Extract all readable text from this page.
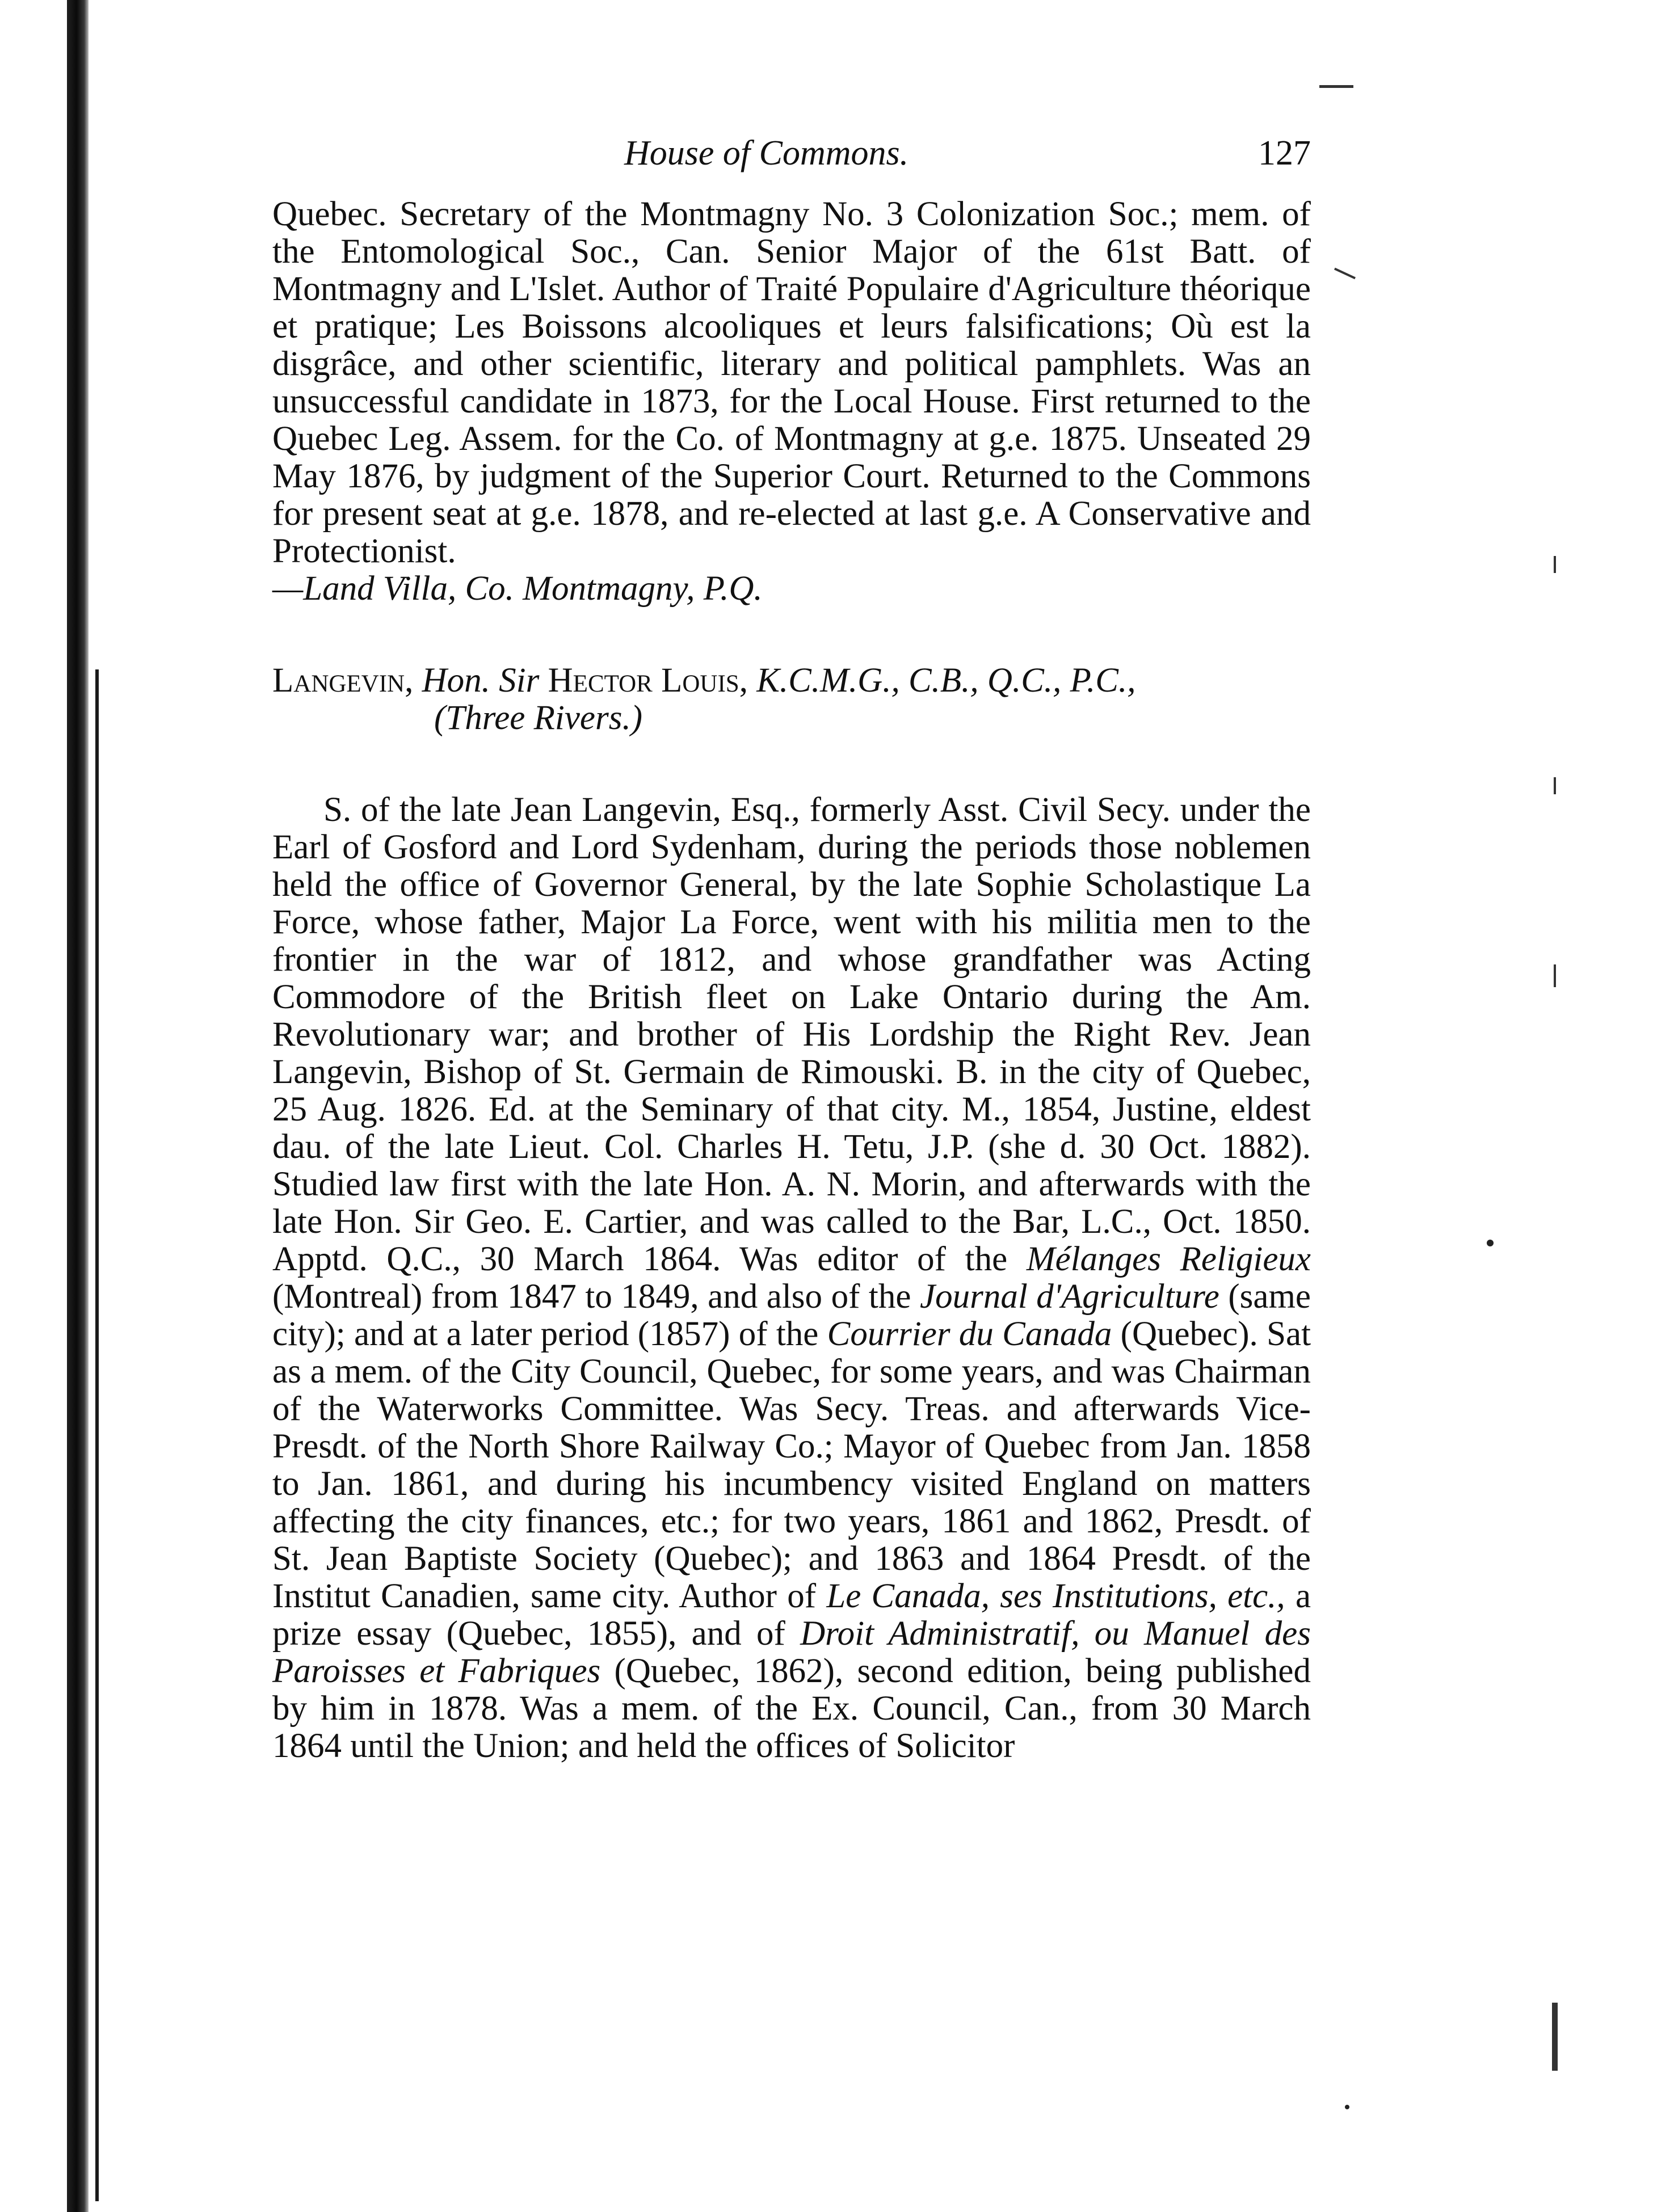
House of Commons.	127

Quebec. Secretary of the Montmagny No. 3 Colonization Soc.; mem. of the Entomological Soc., Can. Senior Major of the 61st Batt. of Montmagny and L'Islet. Author of Traité Populaire d'Agriculture théorique et pratique; Les Boissons alcooliques et leurs falsifications; Où est la disgrâce, and other scientific, literary and political pamphlets. Was an unsuccessful candidate in 1873, for the Local House. First returned to the Quebec Leg. Assem. for the Co. of Montmagny at g.e. 1875. Unseated 29 May 1876, by judgment of the Superior Court. Returned to the Commons for present seat at g.e. 1878, and re-elected at last g.e. A Conservative and Protectionist.

—Land Villa, Co. Montmagny, P.Q.

Langevin, Hon. Sir Hector Louis, K.C.M.G., C.B., Q.C., P.C.,
(Three Rivers.)

S. of the late Jean Langevin, Esq., formerly Asst. Civil Secy. under the Earl of Gosford and Lord Sydenham, during the periods those noblemen held the office of Governor General, by the late Sophie Scholastique La Force, whose father, Major La Force, went with his militia men to the frontier in the war of 1812, and whose grandfather was Acting Commodore of the British fleet on Lake Ontario during the Am. Revolutionary war; and brother of His Lordship the Right Rev. Jean Langevin, Bishop of St. Germain de Rimouski. B. in the city of Quebec, 25 Aug. 1826. Ed. at the Seminary of that city. M., 1854, Justine, eldest dau. of the late Lieut. Col. Charles H. Tetu, J.P. (she d. 30 Oct. 1882). Studied law first with the late Hon. A. N. Morin, and afterwards with the late Hon. Sir Geo. E. Cartier, and was called to the Bar, L.C., Oct. 1850. Apptd. Q.C., 30 March 1864. Was editor of the Mélanges Religieux (Montreal) from 1847 to 1849, and also of the Journal d'Agriculture (same city); and at a later period (1857) of the Courrier du Canada (Quebec). Sat as a mem. of the City Council, Quebec, for some years, and was Chairman of the Waterworks Committee. Was Secy. Treas. and afterwards Vice-Presdt. of the North Shore Railway Co.; Mayor of Quebec from Jan. 1858 to Jan. 1861, and during his incumbency visited England on matters affecting the city finances, etc.; for two years, 1861 and 1862, Presdt. of St. Jean Baptiste Society (Quebec); and 1863 and 1864 Presdt. of the Institut Canadien, same city. Author of Le Canada, ses Institutions, etc., a prize essay (Quebec, 1855), and of Droit Administratif, ou Manuel des Paroisses et Fabriques (Quebec, 1862), second edition, being published by him in 1878. Was a mem. of the Ex. Council, Can., from 30 March 1864 until the Union; and held the offices of Solicitor
